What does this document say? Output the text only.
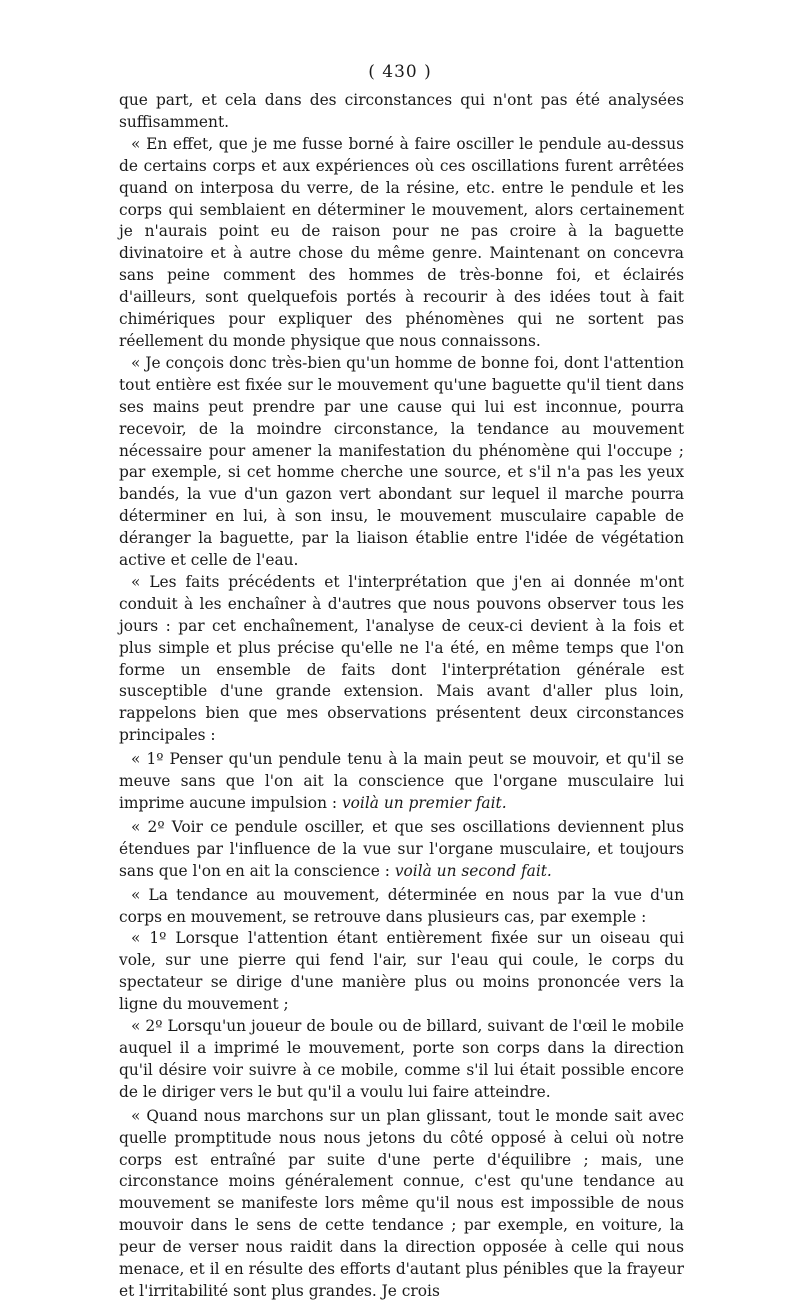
( 430 )

que part, et cela dans des circonstances qui n'ont pas été analysées suffisamment.

« En effet, que je me fusse borné à faire osciller le pendule au-dessus de certains corps et aux expériences où ces oscillations furent arrêtées quand on interposa du verre, de la résine, etc. entre le pendule et les corps qui semblaient en déterminer le mouvement, alors certainement je n'aurais point eu de raison pour ne pas croire à la baguette divinatoire et à autre chose du même genre. Maintenant on concevra sans peine comment des hommes de très-bonne foi, et éclairés d'ailleurs, sont quelquefois portés à recourir à des idées tout à fait chimériques pour expliquer des phénomènes qui ne sortent pas réellement du monde physique que nous connaissons.

« Je conçois donc très-bien qu'un homme de bonne foi, dont l'attention tout entière est fixée sur le mouvement qu'une baguette qu'il tient dans ses mains peut prendre par une cause qui lui est inconnue, pourra recevoir, de la moindre circonstance, la tendance au mouvement nécessaire pour amener la manifestation du phénomène qui l'occupe ; par exemple, si cet homme cherche une source, et s'il n'a pas les yeux bandés, la vue d'un gazon vert abondant sur lequel il marche pourra déterminer en lui, à son insu, le mouvement musculaire capable de déranger la baguette, par la liaison établie entre l'idée de végétation active et celle de l'eau.

« Les faits précédents et l'interprétation que j'en ai donnée m'ont conduit à les enchaîner à d'autres que nous pouvons observer tous les jours : par cet enchaînement, l'analyse de ceux-ci devient à la fois et plus simple et plus précise qu'elle ne l'a été, en même temps que l'on forme un ensemble de faits dont l'interprétation générale est susceptible d'une grande extension. Mais avant d'aller plus loin, rappelons bien que mes observations présentent deux circonstances principales :

« 1º Penser qu'un pendule tenu à la main peut se mouvoir, et qu'il se meuve sans que l'on ait la conscience que l'organe musculaire lui imprime aucune impulsion : voilà un premier fait.

« 2º Voir ce pendule osciller, et que ses oscillations deviennent plus étendues par l'influence de la vue sur l'organe musculaire, et toujours sans que l'on en ait la conscience : voilà un second fait.

« La tendance au mouvement, déterminée en nous par la vue d'un corps en mouvement, se retrouve dans plusieurs cas, par exemple :

« 1º Lorsque l'attention étant entièrement fixée sur un oiseau qui vole, sur une pierre qui fend l'air, sur l'eau qui coule, le corps du spectateur se dirige d'une manière plus ou moins prononcée vers la ligne du mouvement ;

« 2º Lorsqu'un joueur de boule ou de billard, suivant de l'œil le mobile auquel il a imprimé le mouvement, porte son corps dans la direction qu'il désire voir suivre à ce mobile, comme s'il lui était possible encore de le diriger vers le but qu'il a voulu lui faire atteindre.

« Quand nous marchons sur un plan glissant, tout le monde sait avec quelle promptitude nous nous jetons du côté opposé à celui où notre corps est entraîné par suite d'une perte d'équilibre ; mais, une circonstance moins généralement connue, c'est qu'une tendance au mouvement se manifeste lors même qu'il nous est impossible de nous mouvoir dans le sens de cette tendance ; par exemple, en voiture, la peur de verser nous raidit dans la direction opposée à celle qui nous menace, et il en résulte des efforts d'autant plus pénibles que la frayeur et l'irritabilité sont plus grandes. Je crois
